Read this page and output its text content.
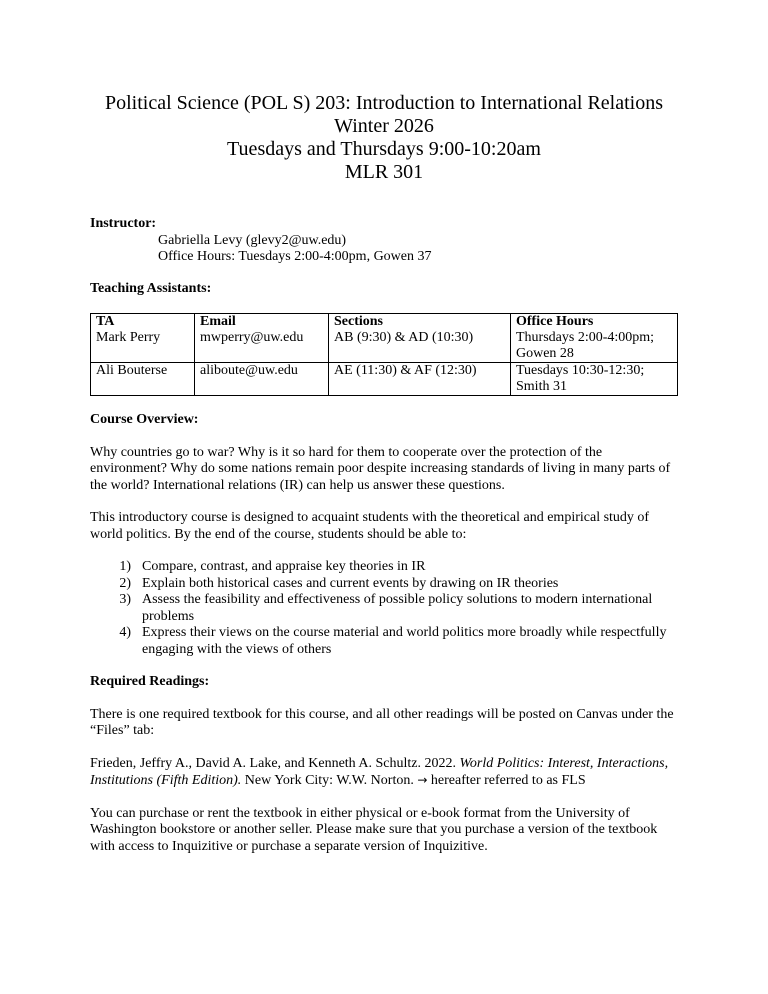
Political Science (POL S) 203: Introduction to International Relations
Winter 2026
Tuesdays and Thursdays 9:00-10:20am
MLR 301

Instructor:

Gabriella Levy (glevy2@uw.edu)
Office Hours: Tuesdays 2:00-4:00pm, Gowen 37

Teaching Assistants:

TA	Email	Sections	Office Hours
Mark Perry	mwperry@uw.edu	AB (9:30) & AD (10:30)	Thursdays 2:00-4:00pm;
Gowen 28

Ali Bouterse	aliboute@uw.edu	AE (11:30) & AF (12:30)	Tuesdays 10:30-12:30;
Smith 31

Course Overview:

Why countries go to war? Why is it so hard for them to cooperate over the protection of the environment? Why do some nations remain poor despite increasing standards of living in many parts of the world? International relations (IR) can help us answer these questions.

This introductory course is designed to acquaint students with the theoretical and empirical study of world politics. By the end of the course, students should be able to:

1. Compare, contrast, and appraise key theories in IR
2. Explain both historical cases and current events by drawing on IR theories
3. Assess the feasibility and effectiveness of possible policy solutions to modern international problems
4. Express their views on the course material and world politics more broadly while respectfully engaging with the views of others

Required Readings:

There is one required textbook for this course, and all other readings will be posted on Canvas under the “Files” tab:

Frieden, Jeffry A., David A. Lake, and Kenneth A. Schultz. 2022. World Politics: Interest, Interactions, Institutions (Fifth Edition). New York City: W.W. Norton. → hereafter referred to as FLS

You can purchase or rent the textbook in either physical or e-book format from the University of Washington bookstore or another seller. Please make sure that you purchase a version of the textbook with access to Inquizitive or purchase a separate version of Inquizitive.
